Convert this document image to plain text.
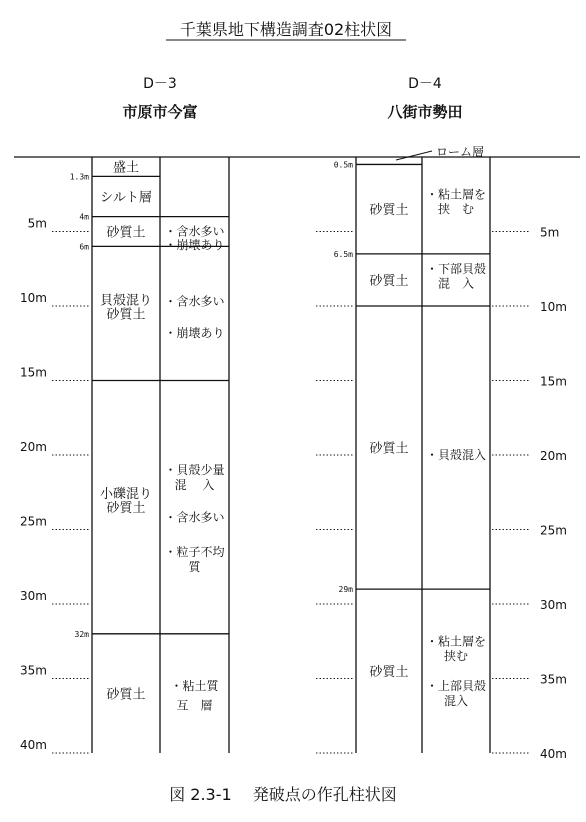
千葉県地下構造調査02柱状図
D－3
市原市今富
D－4
八街市勢田
盛土
シルト層
砂質土
貝殻混り砂質土
小礫混り砂質土
砂質土
・含水多い
・崩壊あり
・含水多い
・崩壊あり
・貝殻少量
混　 入
・含水多い
・粒子不均
質
・粘土質
互　層
1.3m
4m
6m
32m
砂質土
砂質土
砂質土
砂質土
・粘土層を
挟　む
・下部貝殻
混　入
・貝殻混入
・粘土層を
挟む
・上部貝殻
混入
0.5m
6.5m
29m
5m
10m
15m
20m
25m
30m
35m
40m
5m
10m
15m
20m
25m
30m
35m
40m
ローム層
図 2.3-1　 発破点の作孔柱状図
